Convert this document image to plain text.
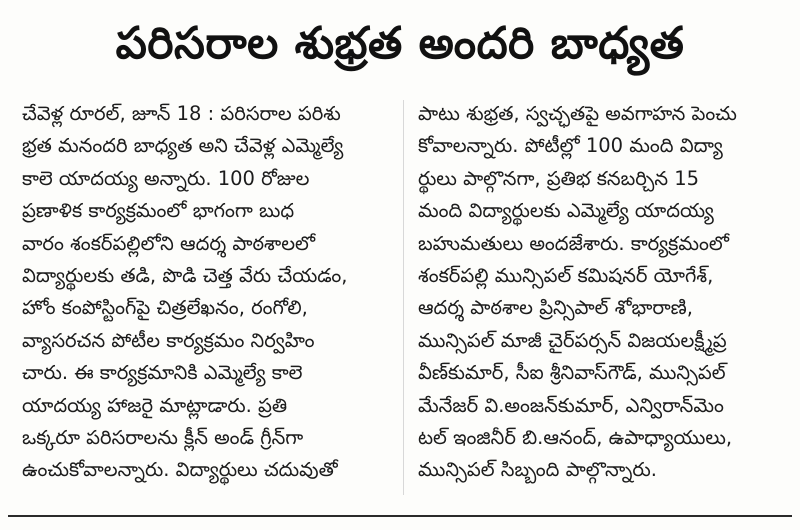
పరిసరాల శుభ్రత అందరి బాధ్యత
చేవెళ్ల రూరల్, జూన్ 18 : పరిసరాల పరిశు
భ్రత మనందరి బాధ్యత అని చేవెళ్ల ఎమ్మెల్యే
కాలె యాదయ్య అన్నారు. 100 రోజుల
ప్రణాళిక కార్యక్రమంలో భాగంగా బుధ
వారం శంకర్‌పల్లిలోని ఆదర్శ పాఠశాలలో
విద్యార్థులకు తడి, పొడి చెత్త వేరు చేయడం,
హోం కంపోస్టింగ్‌పై చిత్రలేఖనం, రంగోలి,
వ్యాసరచన పోటీల కార్యక్రమం నిర్వహిం
చారు. ఈ కార్యక్రమానికి ఎమ్మెల్యే కాలె
యాదయ్య హాజరై మాట్లాడారు. ప్రతి
ఒక్కరూ పరిసరాలను క్లీన్ అండ్ గ్రీన్‌గా
ఉంచుకోవాలన్నారు. విద్యార్థులు చదువుతో
పాటు శుభ్రత, స్వచ్ఛతపై అవగాహన పెంచు
కోవాలన్నారు. పోటీల్లో 100 మంది విద్యా
ర్థులు పాల్గొనగా, ప్రతిభ కనబర్చిన 15
మంది విద్యార్థులకు ఎమ్మెల్యే యాదయ్య
బహుమతులు అందజేశారు. కార్యక్రమంలో
శంకర్‌పల్లి మున్సిపల్ కమిషనర్ యోగేశ్,
ఆదర్శ పాఠశాల ప్రిన్సిపాల్ శోభారాణి,
మున్సిపల్ మాజీ చైర్‌పర్సన్ విజయలక్ష్మీప్ర
వీణ్‌కుమార్, సీఐ శ్రీనివాస్‌గౌడ్, మున్సిపల్
మేనేజర్ వి.అంజన్‌కుమార్, ఎన్విరాన్‌మెం
టల్ ఇంజినీర్ బి.ఆనంద్, ఉపాధ్యాయులు,
మున్సిపల్ సిబ్బంది పాల్గొన్నారు.
